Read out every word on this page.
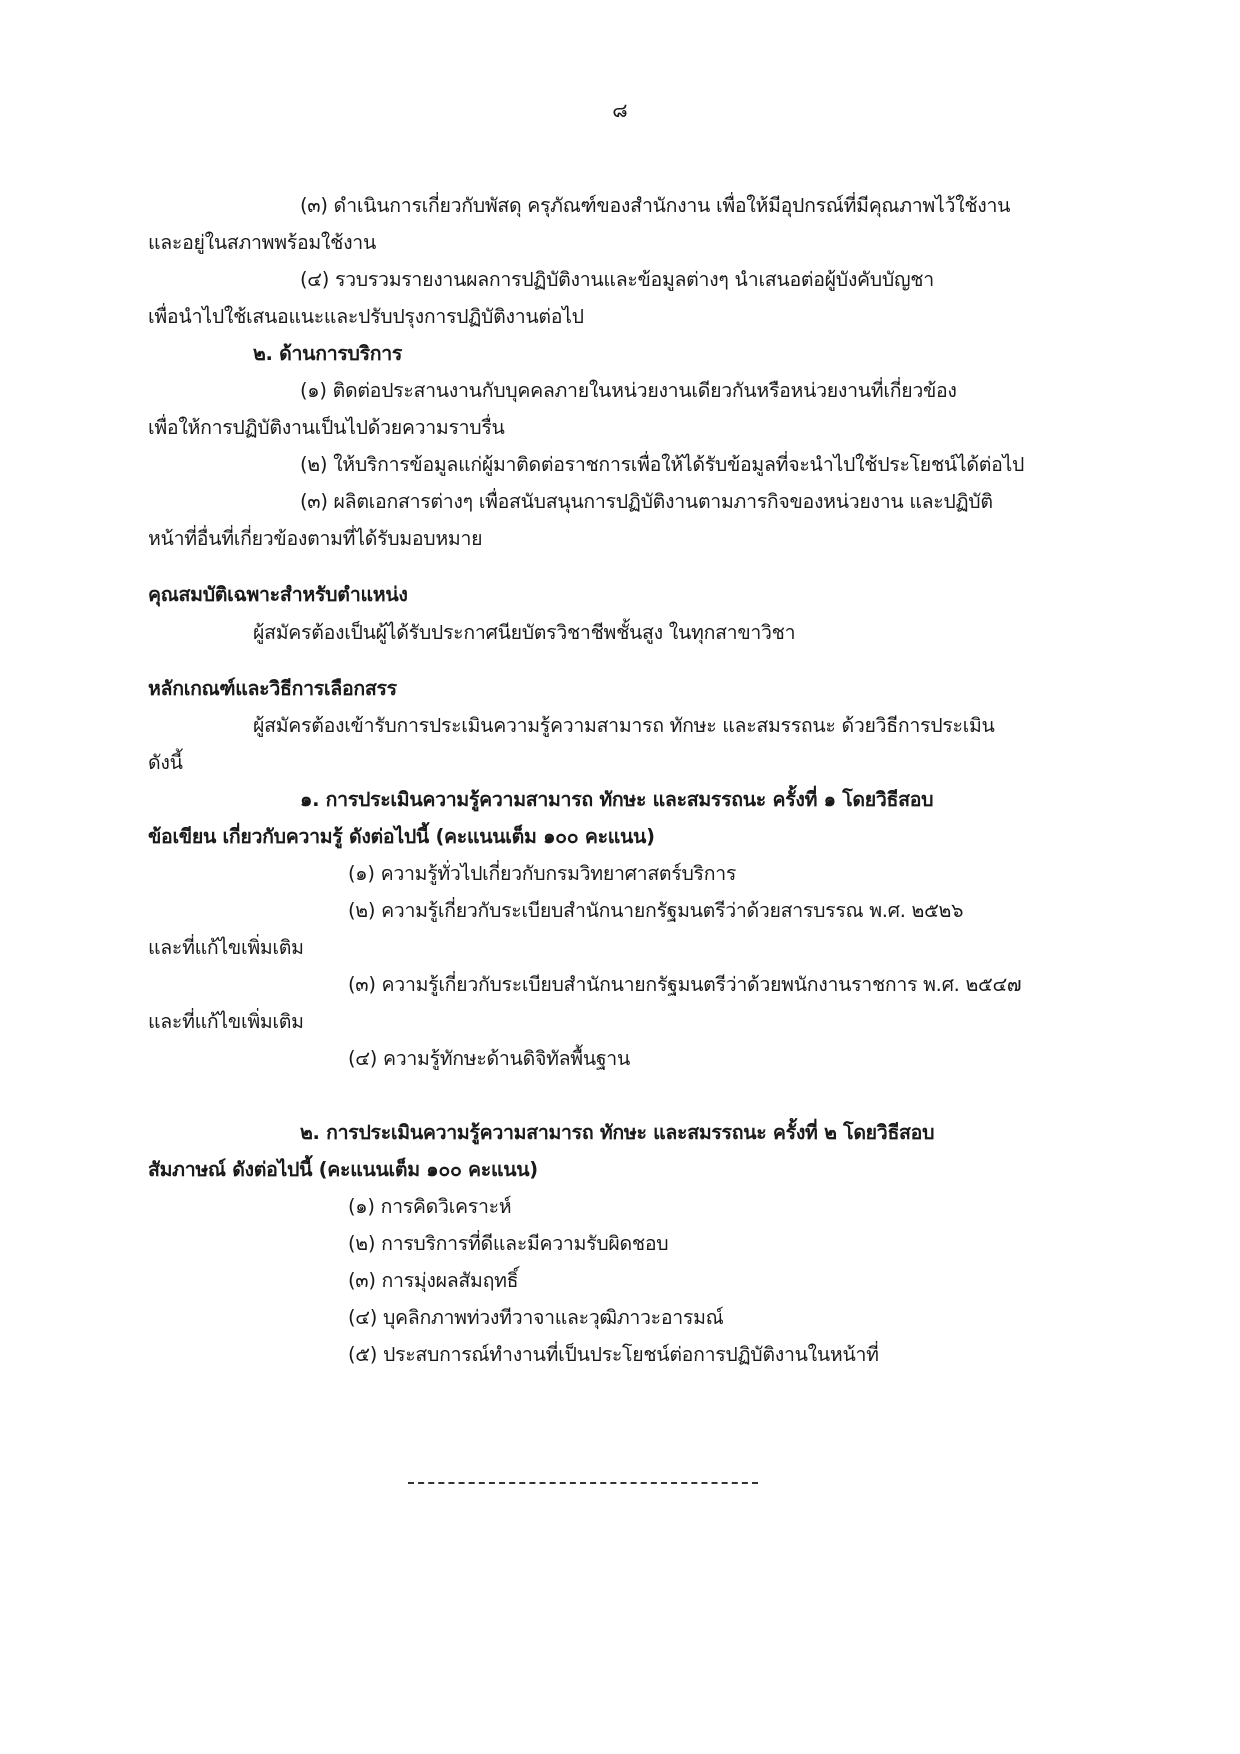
๘
(๓) ดำเนินการเกี่ยวกับพัสดุ ครุภัณฑ์ของสำนักงาน เพื่อให้มีอุปกรณ์ที่มีคุณภาพไว้ใช้งาน
และอยู่ในสภาพพร้อมใช้งาน
(๔) รวบรวมรายงานผลการปฏิบัติงานและข้อมูลต่างๆ นำเสนอต่อผู้บังคับบัญชา
เพื่อนำไปใช้เสนอแนะและปรับปรุงการปฏิบัติงานต่อไป
๒. ด้านการบริการ
(๑) ติดต่อประสานงานกับบุคคลภายในหน่วยงานเดียวกันหรือหน่วยงานที่เกี่ยวข้อง
เพื่อให้การปฏิบัติงานเป็นไปด้วยความราบรื่น
(๒) ให้บริการข้อมูลแก่ผู้มาติดต่อราชการเพื่อให้ได้รับข้อมูลที่จะนำไปใช้ประโยชน์ได้ต่อไป
(๓) ผลิตเอกสารต่างๆ เพื่อสนับสนุนการปฏิบัติงานตามภารกิจของหน่วยงาน และปฏิบัติ
หน้าที่อื่นที่เกี่ยวข้องตามที่ได้รับมอบหมาย
คุณสมบัติเฉพาะสำหรับตำแหน่ง
ผู้สมัครต้องเป็นผู้ได้รับประกาศนียบัตรวิชาชีพชั้นสูง ในทุกสาขาวิชา
หลักเกณฑ์และวิธีการเลือกสรร
ผู้สมัครต้องเข้ารับการประเมินความรู้ความสามารถ ทักษะ และสมรรถนะ ด้วยวิธีการประเมิน
ดังนี้
๑. การประเมินความรู้ความสามารถ ทักษะ และสมรรถนะ ครั้งที่ ๑ โดยวิธีสอบ
ข้อเขียน เกี่ยวกับความรู้ ดังต่อไปนี้ (คะแนนเต็ม ๑๐๐ คะแนน)
(๑) ความรู้ทั่วไปเกี่ยวกับกรมวิทยาศาสตร์บริการ
(๒) ความรู้เกี่ยวกับระเบียบสำนักนายกรัฐมนตรีว่าด้วยสารบรรณ พ.ศ. ๒๕๒๖
และที่แก้ไขเพิ่มเติม
(๓) ความรู้เกี่ยวกับระเบียบสำนักนายกรัฐมนตรีว่าด้วยพนักงานราชการ พ.ศ. ๒๕๔๗
และที่แก้ไขเพิ่มเติม
(๔) ความรู้ทักษะด้านดิจิทัลพื้นฐาน
๒. การประเมินความรู้ความสามารถ ทักษะ และสมรรถนะ ครั้งที่ ๒ โดยวิธีสอบ
สัมภาษณ์ ดังต่อไปนี้ (คะแนนเต็ม ๑๐๐ คะแนน)
(๑) การคิดวิเคราะห์
(๒) การบริการที่ดีและมีความรับผิดชอบ
(๓) การมุ่งผลสัมฤทธิ์
(๔) บุคลิกภาพท่วงทีวาจาและวุฒิภาวะอารมณ์
(๕) ประสบการณ์ทำงานที่เป็นประโยชน์ต่อการปฏิบัติงานในหน้าที่
